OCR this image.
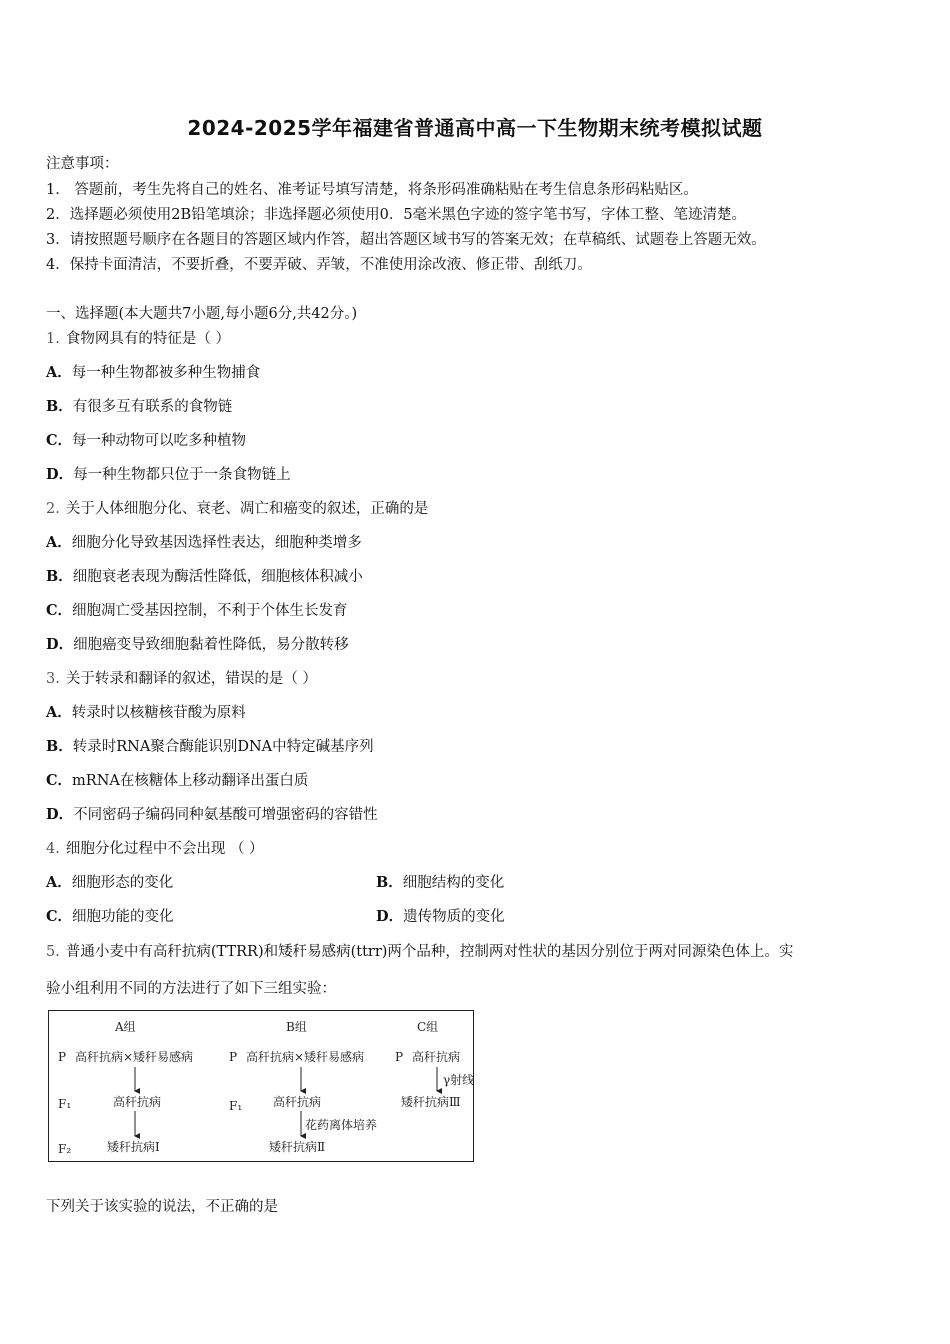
2024-2025学年福建省普通高中高一下生物期末统考模拟试题
注意事项：
1． 答题前，考生先将自己的姓名、准考证号填写清楚，将条形码准确粘贴在考生信息条形码粘贴区。
2．选择题必须使用2B铅笔填涂；非选择题必须使用0．5毫米黑色字迹的签字笔书写，字体工整、笔迹清楚。
3．请按照题号顺序在各题目的答题区域内作答，超出答题区域书写的答案无效；在草稿纸、试题卷上答题无效。
4．保持卡面清洁，不要折叠，不要弄破、弄皱，不准使用涂改液、修正带、刮纸刀。
一、选择题(本大题共7小题,每小题6分,共42分。)
1. 食物网具有的特征是（ ）
A．每一种生物都被多种生物捕食
B．有很多互有联系的食物链
C．每一种动物可以吃多种植物
D．每一种生物都只位于一条食物链上
2. 关于人体细胞分化、衰老、凋亡和癌变的叙述，正确的是
A．细胞分化导致基因选择性表达，细胞种类增多
B．细胞衰老表现为酶活性降低，细胞核体积减小
C．细胞凋亡受基因控制，不利于个体生长发育
D．细胞癌变导致细胞黏着性降低，易分散转移
3. 关于转录和翻译的叙述，错误的是（ ）
A．转录时以核糖核苷酸为原料
B．转录时RNA聚合酶能识别DNA中特定碱基序列
C．mRNA在核糖体上移动翻译出蛋白质
D．不同密码子编码同种氨基酸可增强密码的容错性
4. 细胞分化过程中不会出现 （ ）
A．细胞形态的变化	B．细胞结构的变化
C．细胞功能的变化	D．遗传物质的变化
5. 普通小麦中有高秆抗病(TTRR)和矮秆易感病(ttrr)两个品种，控制两对性状的基因分别位于两对同源染色体上。实
验小组利用不同的方法进行了如下三组实验：
A组	B组	C组
P 高秆抗病×矮秆易感病	P 高秆抗病×矮秆易感病	P 高秆抗病
F₁	高秆抗病	F₁	高秆抗病	矮秆抗病Ⅲ
γ射线
F₂	矮秆抗病Ⅰ
花药离体培养
矮秆抗病Ⅱ
下列关于该实验的说法，不正确的是
